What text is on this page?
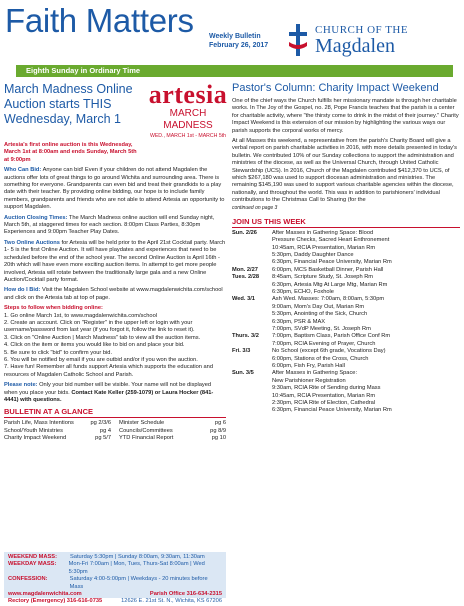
Faith Matters Weekly Bulletin
February 26, 2017
CHURCH OF THE
Magdalen
Eighth Sunday in Ordinary Time
March Madness Online Auction starts THIS Wednesday, March 1
artesia
MARCH MADNESS
WED., MARCH 1st - MARCH 5th

Artesia's first online auction is this Wednesday, March 1st at 8:00am and ends Sunday, March 5th at 9:00pm

Who Can Bid: Anyone can bid! Even if your children do not attend Magdalen the auctions offer lots of great things to go around Wichita and surrounding area. There is something for everyone. Grandparents can even bid and treat their grandkids to a play date with their teacher. By providing online bidding, our hope is to include family members, grandparents and friends who are not able to attend Artesia an opportunity to support Magdalen.

Auction Closing Times: The March Madness online auction will end Sunday night, March 5th, at staggered times for each section. 8:00pm Class Parties, 8:30pm Experiences and 9:00pm Teacher Play Dates.

Two Online Auctions for Artesia will be held prior to the April 21st Cocktail party. March 1- 5 is the first Online Auction. It will have playdates and experiences that need to be scheduled before the end of the school year. The second Online Auction is April 16th - 20th which will have even more exciting auction items. In attempt to get more people involved, Artesia will rotate between the traditionally large gala and a new Online Auction/Cocktail party format.

How do I Bid: Visit the Magdalen School website at www.magdalenwichita.com/school and click on the Artesia tab at top of page.

Steps to follow when bidding online:
1. Go online March 1st, to www.magdalenwichita.com/school
2. Create an account. Click on "Register" in the upper left or login with your username/password from last year (if you forgot it, follow the link to reset it).
3. Click on "Online Auction | March Madness" tab to view all the auction items.
4. Click on the item or items you would like to bid on and place your bid.
5. Be sure to click "bid" to confirm your bid.
6. You will be notified by email if you are outbid and/or if you won the auction.
7. Have fun! Remember all funds support Artesia which supports the education and resources of Magdalen Catholic School and Parish.

Please note: Only your bid number will be visible. Your name will not be displayed when you place your bids. Contact Kate Keller (259-1079) or Laura Hocker (841-4441) with questions.

BULLETIN AT A GLANCE
Parish Life, Mass Intentions	pg 2/3/6 Minister Schedule	pg 6
School/Youth Ministries	pg 4 Councils/Committees	pg 8/9
Charity Impact Weekend	pg 5/7 YTD Financial Report	pg 10
WEEKEND MASS:	Saturday 5:30pm | Sunday 8:00am, 9:30am, 11:30am
WEEKDAY MASS:	Mon-Fri 7:00am | Mon, Tues, Thurs-Sat 8:00am | Wed 5:30pm
CONFESSION:	Saturday 4:00-5:00pm | Weekdays - 20 minutes before Mass
www.magdalenwichita.com	Parish Office 316-634-2315
Rectory (Emergency) 316-616-0735	12626 E. 21st St. N., Wichita, KS 67206
Pastor's Column: Charity Impact Weekend

One of the chief ways the Church fulfills her missionary mandate is through her charitable works. In The Joy of the Gospel, no. 28, Pope Francis teaches that the parish is a center for charitable activity, where "the thirsty come to drink in the midst of their journey." Charity Impact Weekend is this extension of our mission by highlighting the various ways our parish supports the corporal works of mercy.

At all Masses this weekend, a representative from the parish's Charity Board will give a verbal report on parish charitable activities in 2016, with more details presented in today's bulletin. We contributed 10% of our Sunday collections to support the administration and ministries of the diocese, as well as the Universal Church, through United Catholic Stewardship (UCS). In 2016, Church of the Magdalen contributed $412,370 to UCS, of which $267,180 was used to support diocesan administration and ministries. The remaining $145,190 was used to support various charitable agencies within the diocese, nationally, and throughout the world. This was in addition to parishioners' individual contributions to the Christmas Call to Sharing (for the

continued on page 3

JOIN US THIS WEEK
Sun. 2/26	After Masses in Gathering Space: Blood
Pressure Checks, Sacred Heart Enthronement
10:45am, RCIA Presentation, Marian Rm
5:30pm, Daddy Daughter Dance
6:30pm, Financial Peace University, Marian Rm
Mon. 2/27	6:00pm, MCS Basketball Dinner, Parish Hall
Tues. 2/28	8:45am, Scripture Study, St. Joseph Rm
6:30pm, Artesia Mtg At Large Mtg, Marian Rm
6:30pm, ECHO, Foxhole
Wed. 3/1	Ash Wed. Masses: 7:00am, 8:00am, 5:30pm
9:00am, Mom's Day Out, Marian Rm
5:30pm, Anointing of the Sick, Church
6:30pm, PSR & MAX
7:00pm, SVdP Meeting, St. Joseph Rm
Thurs. 3/2	7:00pm, Baptism Class, Parish Office Conf Rm
7:00pm, RCIA Evening of Prayer, Church
Fri. 3/3	No School (except 6th grade, Vocations Day)
6:00pm, Stations of the Cross, Church
6:00pm, Fish Fry, Parish Hall
Sun. 3/5	After Masses in Gathering Space:
New Parishioner Registration
9:30am, RCIA Rite of Sending during Mass
10:45am, RCIA Presentation, Marian Rm
2:30pm, RCIA Rite of Election, Cathedral
6:30pm, Financial Peace University, Marian Rm
